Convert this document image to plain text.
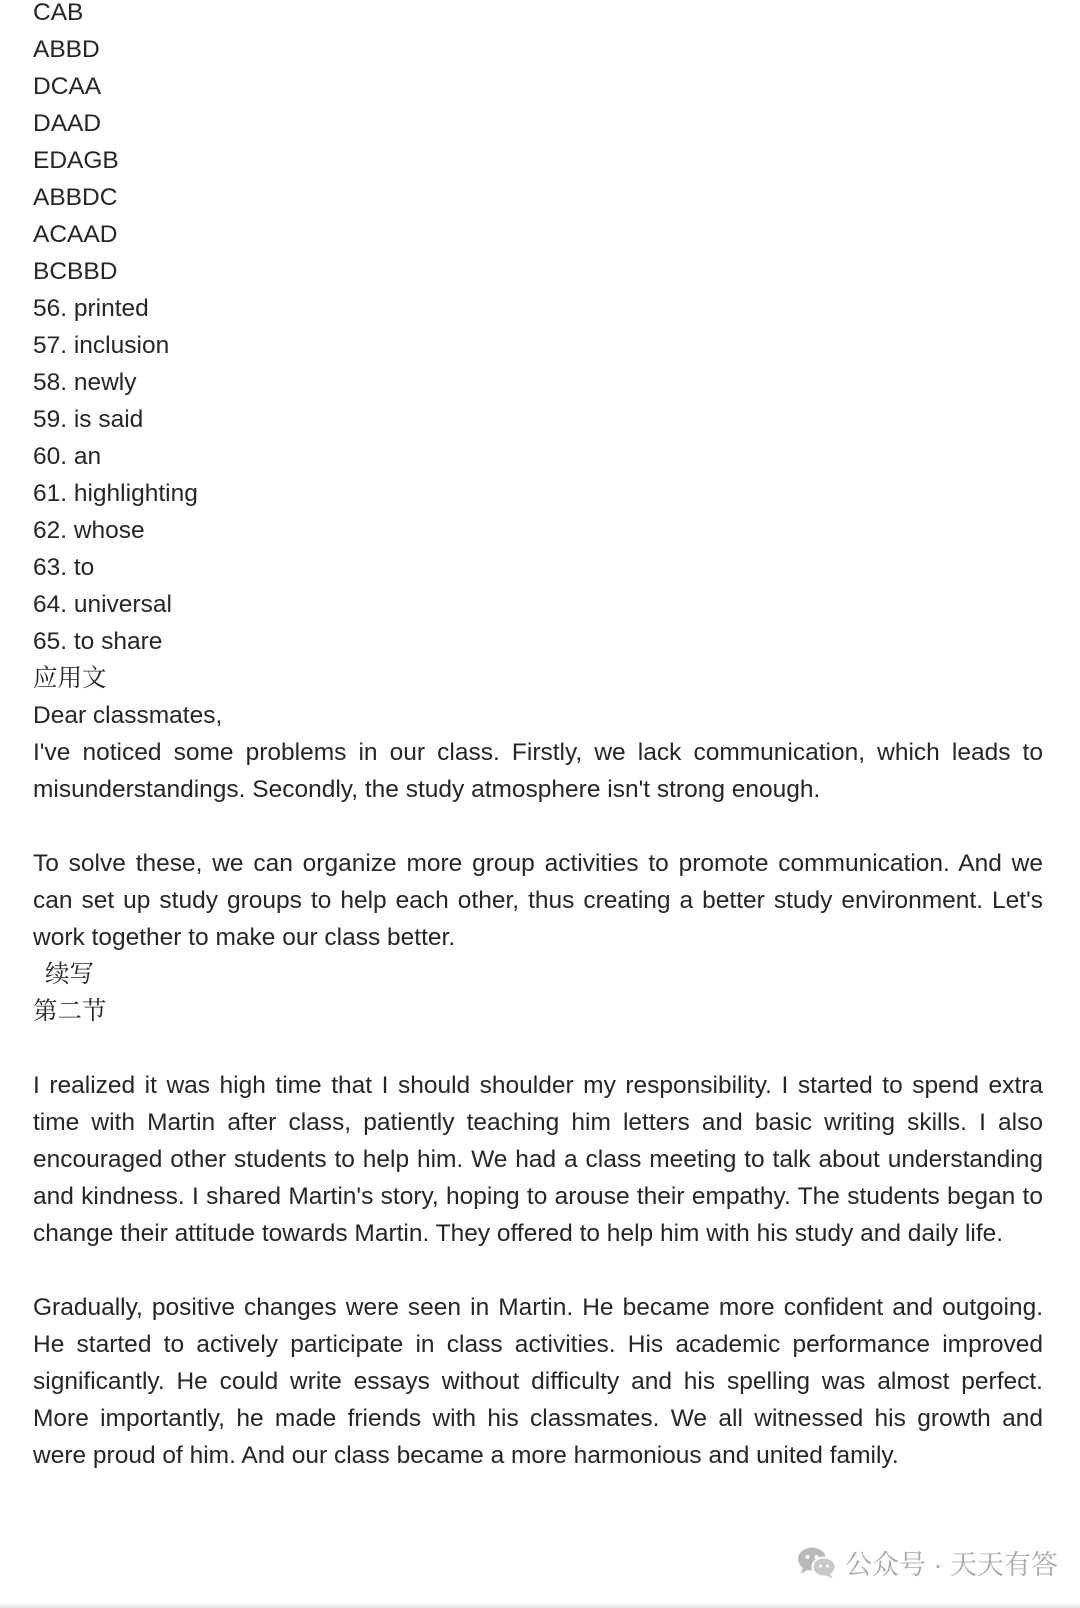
CAB
ABBD
DCAA
DAAD
EDAGB
ABBDC
ACAAD
BCBBD
56. printed
57. inclusion
58. newly
59. is said
60. an
61. highlighting
62. whose
63. to
64. universal
65. to share
应用文
Dear classmates,
I've noticed some problems in our class. Firstly, we lack communication, which leads to misunderstandings. Secondly, the study atmosphere isn't strong enough.
To solve these, we can organize more group activities to promote communication. And we can set up study groups to help each other, thus creating a better study environment. Let's work together to make our class better.
续写
第二节
I realized it was high time that I should shoulder my responsibility. I started to spend extra time with Martin after class, patiently teaching him letters and basic writing skills. I also encouraged other students to help him. We had a class meeting to talk about understanding and kindness. I shared Martin's story, hoping to arouse their empathy. The students began to change their attitude towards Martin. They offered to help him with his study and daily life.
Gradually, positive changes were seen in Martin. He became more confident and outgoing. He started to actively participate in class activities. His academic performance improved significantly. He could write essays without difficulty and his spelling was almost perfect. More importantly, he made friends with his classmates. We all witnessed his growth and were proud of him. And our class became a more harmonious and united family.
公众号 · 天天有答
